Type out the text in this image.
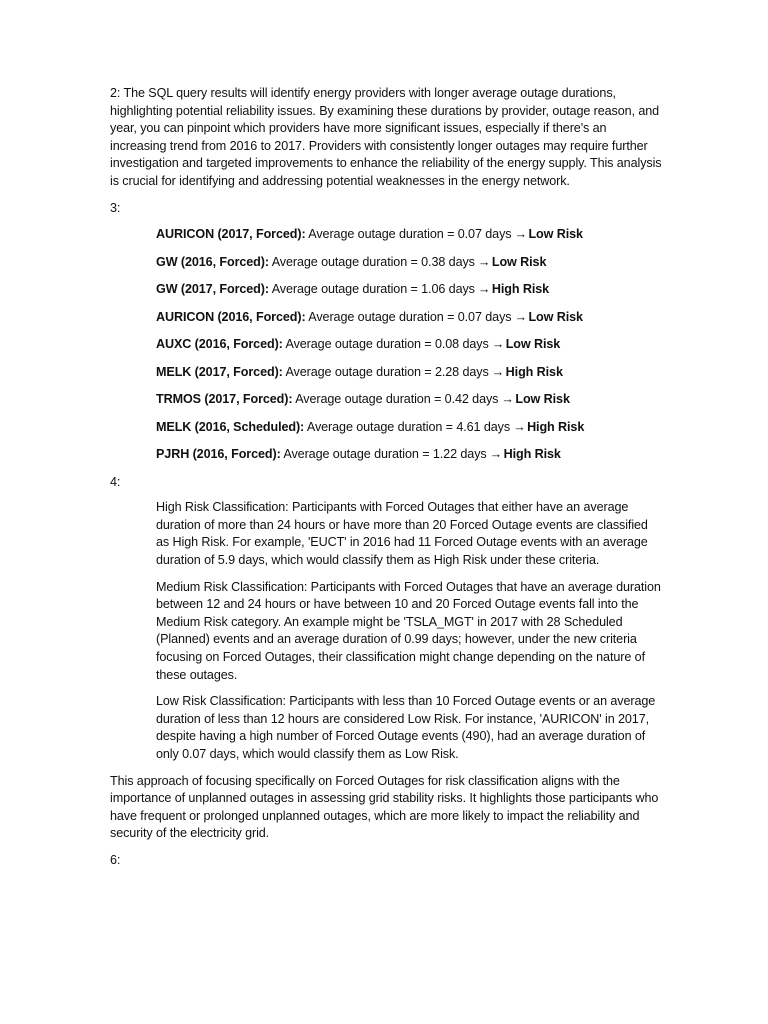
2: The SQL query results will identify energy providers with longer average outage durations, highlighting potential reliability issues. By examining these durations by provider, outage reason, and year, you can pinpoint which providers have more significant issues, especially if there's an increasing trend from 2016 to 2017. Providers with consistently longer outages may require further investigation and targeted improvements to enhance the reliability of the energy supply. This analysis is crucial for identifying and addressing potential weaknesses in the energy network.

3:

AURICON (2017, Forced): Average outage duration = 0.07 days → Low Risk
GW (2016, Forced): Average outage duration = 0.38 days → Low Risk
GW (2017, Forced): Average outage duration = 1.06 days → High Risk
AURICON (2016, Forced): Average outage duration = 0.07 days → Low Risk
AUXC (2016, Forced): Average outage duration = 0.08 days → Low Risk
MELK (2017, Forced): Average outage duration = 2.28 days → High Risk
TRMOS (2017, Forced): Average outage duration = 0.42 days → Low Risk
MELK (2016, Scheduled): Average outage duration = 4.61 days → High Risk
PJRH (2016, Forced): Average outage duration = 1.22 days → High Risk

4:

High Risk Classification: Participants with Forced Outages that either have an average duration of more than 24 hours or have more than 20 Forced Outage events are classified as High Risk. For example, 'EUCT' in 2016 had 11 Forced Outage events with an average duration of 5.9 days, which would classify them as High Risk under these criteria.

Medium Risk Classification: Participants with Forced Outages that have an average duration between 12 and 24 hours or have between 10 and 20 Forced Outage events fall into the Medium Risk category. An example might be 'TSLA_MGT' in 2017 with 28 Scheduled (Planned) events and an average duration of 0.99 days; however, under the new criteria focusing on Forced Outages, their classification might change depending on the nature of these outages.

Low Risk Classification: Participants with less than 10 Forced Outage events or an average duration of less than 12 hours are considered Low Risk. For instance, 'AURICON' in 2017, despite having a high number of Forced Outage events (490), had an average duration of only 0.07 days, which would classify them as Low Risk.

This approach of focusing specifically on Forced Outages for risk classification aligns with the importance of unplanned outages in assessing grid stability risks. It highlights those participants who have frequent or prolonged unplanned outages, which are more likely to impact the reliability and security of the electricity grid.

6:
